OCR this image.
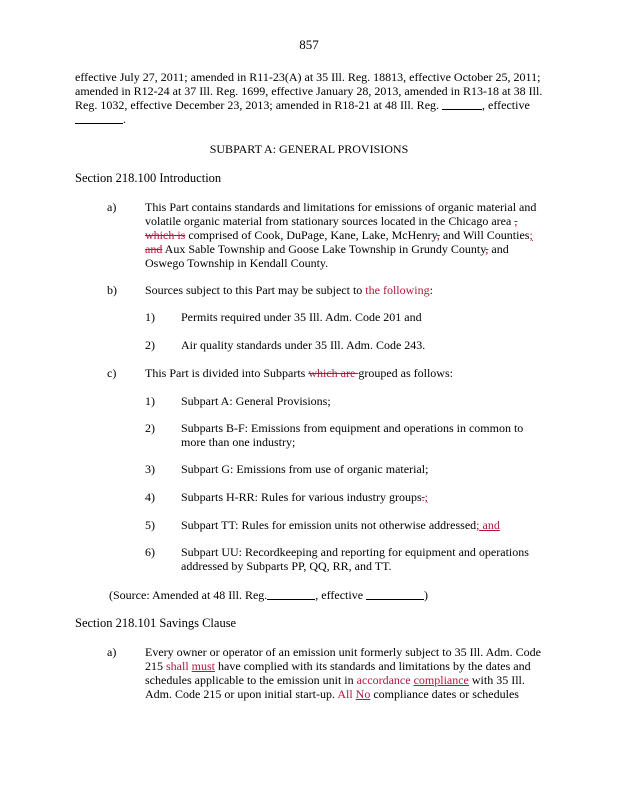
857
effective July 27, 2011; amended in R11-23(A) at 35 Ill. Reg. 18813, effective October 25, 2011; amended in R12-24 at 37 Ill. Reg. 1699, effective January 28, 2013, amended in R13-18 at 38 Ill. Reg. 1032, effective December 23, 2013; amended in R18-21 at 48 Ill. Reg.	, effective
.
SUBPART A: GENERAL PROVISIONS
Section 218.100 Introduction
a) This Part contains standards and limitations for emissions of organic material and volatile organic material from stationary sources located in the Chicago area , which is comprised of Cook, DuPage, Kane, Lake, McHenry, and Will Counties; and Aux Sable Township and Goose Lake Township in Grundy County, and Oswego Township in Kendall County.
b) Sources subject to this Part may be subject to the following:
1) Permits required under 35 Ill. Adm. Code 201 and
2) Air quality standards under 35 Ill. Adm. Code 243.
c) This Part is divided into Subparts which are grouped as follows:
1) Subpart A: General Provisions;
2) Subparts B-F: Emissions from equipment and operations in common to more than one industry;
3) Subpart G: Emissions from use of organic material;
4) Subparts H-RR: Rules for various industry groups.;
5) Subpart TT: Rules for emission units not otherwise addressed; and
6) Subpart UU: Recordkeeping and reporting for equipment and operations addressed by Subparts PP, QQ, RR, and TT.
(Source: Amended at 48 Ill. Reg.	, effective	)
Section 218.101 Savings Clause
a) Every owner or operator of an emission unit formerly subject to 35 Ill. Adm. Code 215 shall must have complied with its standards and limitations by the dates and schedules applicable to the emission unit in accordance compliance with 35 Ill. Adm. Code 215 or upon initial start-up. All No compliance dates or schedules
